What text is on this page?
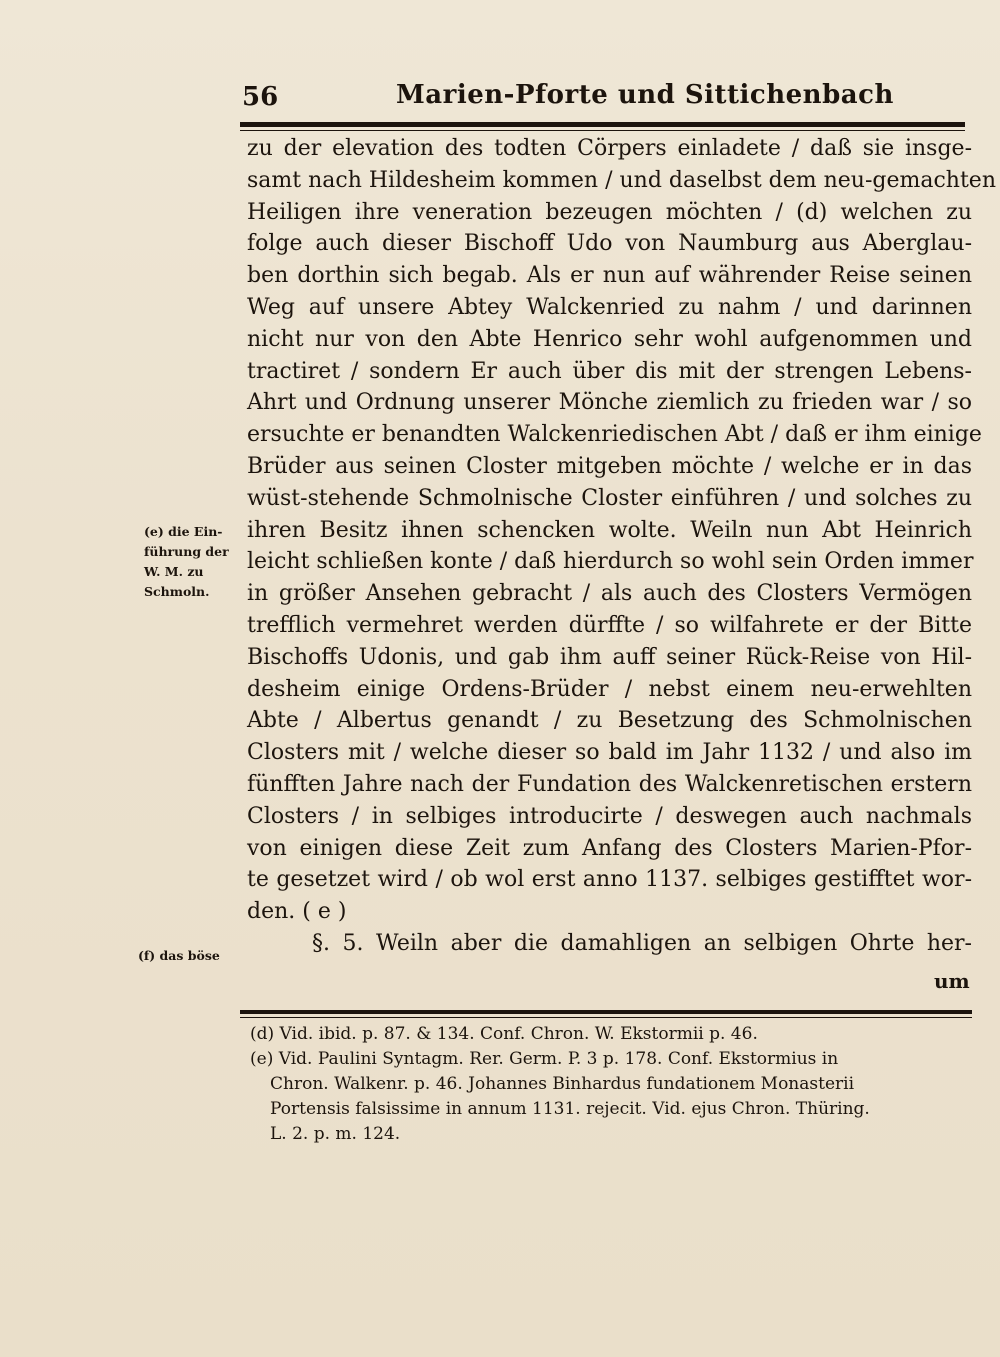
56	Marien-Pforte und Sittichenbach
zu der elevation des todten Cörpers einladete / daß sie insge-
samt nach Hildesheim kommen / und daselbst dem neu-gemachten
Heiligen ihre veneration bezeugen möchten / (d) welchen zu
folge auch dieser Bischoff Udo von Naumburg aus Aberglau-
ben dorthin sich begab. Als er nun auf währender Reise seinen
Weg auf unsere Abtey Walckenried zu nahm / und darinnen
nicht nur von den Abte Henrico sehr wohl aufgenommen und
tractiret / sondern Er auch über dis mit der strengen Lebens-
Ahrt und Ordnung unserer Mönche ziemlich zu frieden war / so
ersuchte er benandten Walckenriedischen Abt / daß er ihm einige
Brüder aus seinen Closter mitgeben möchte / welche er in das
wüst-stehende Schmolnische Closter einführen / und solches zu
ihren Besitz ihnen schencken wolte. Weiln nun Abt Heinrich
leicht schließen konte / daß hierdurch so wohl sein Orden immer
in größer Ansehen gebracht / als auch des Closters Vermögen
trefflich vermehret werden dürffte / so wilfahrete er der Bitte
Bischoffs Udonis, und gab ihm auff seiner Rück-Reise von Hil-
desheim einige Ordens-Brüder / nebst einem neu-erwehlten
Abte / Albertus genandt / zu Besetzung des Schmolnischen
Closters mit / welche dieser so bald im Jahr 1132 / und also im
fünfften Jahre nach der Fundation des Walckenretischen erstern
Closters / in selbiges introducirte / deswegen auch nachmals
von einigen diese Zeit zum Anfang des Closters Marien-Pfor-
te gesetzet wird / ob wol erst anno 1137. selbiges gestifftet wor-
den. ( e )
§. 5. Weiln aber die damahligen an selbigen Ohrte her-
um
(e) die Ein-
führung der
W. M. zu
Schmoln.
(f) das böse
(d) Vid. ibid. p. 87. & 134. Conf. Chron. W. Ekstormii p. 46.
(e) Vid. Paulini Syntagm. Rer. Germ. P. 3 p. 178. Conf. Ekstormius in
Chron. Walkenr. p. 46. Johannes Binhardus fundationem Monasterii
Portensis falsissime in annum 1131. rejecit. Vid. ejus Chron. Thüring.
L. 2. p. m. 124.
